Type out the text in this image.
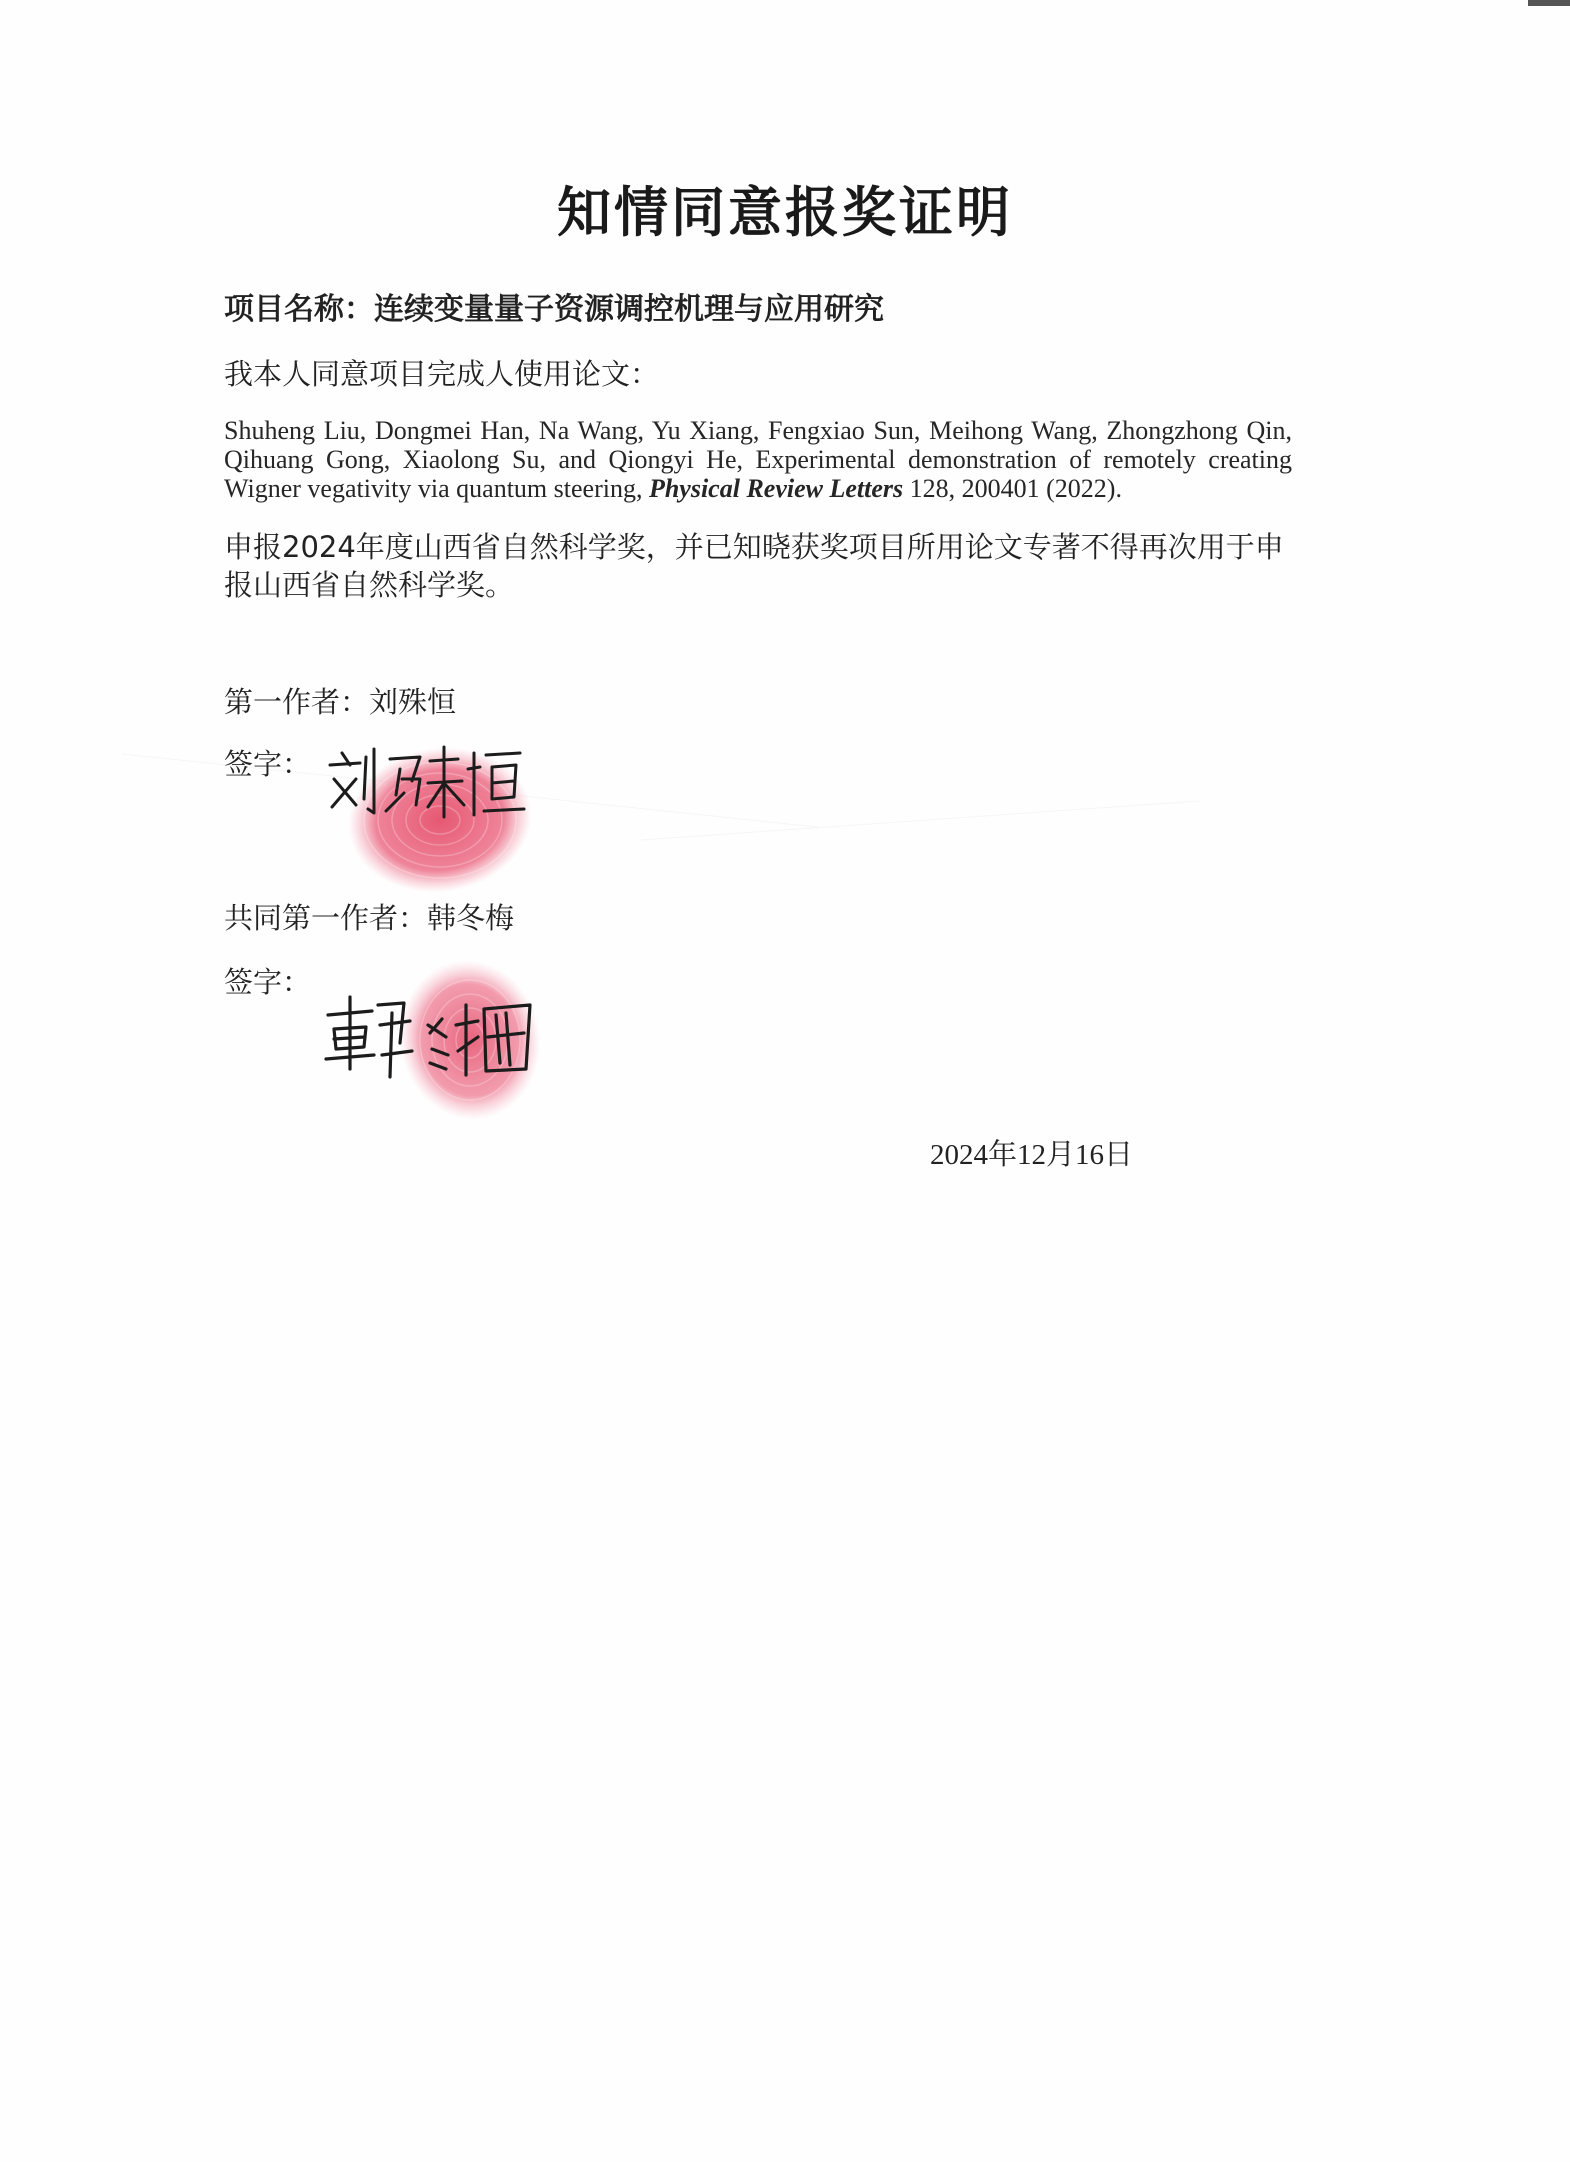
知情同意报奖证明
项目名称：连续变量量子资源调控机理与应用研究
我本人同意项目完成人使用论文：
Shuheng Liu, Dongmei Han, Na Wang, Yu Xiang, Fengxiao Sun, Meihong Wang, Zhongzhong Qin, Qihuang Gong, Xiaolong Su, and Qiongyi He, Experimental demonstration of remotely creating Wigner vegativity via quantum steering, Physical Review Letters 128, 200401 (2022).
申报2024年度山西省自然科学奖，并已知晓获奖项目所用论文专著不得再次用于申报山西省自然科学奖。
第一作者：刘殊恒
签字：
共同第一作者：韩冬梅
签字：
2024年12月16日
